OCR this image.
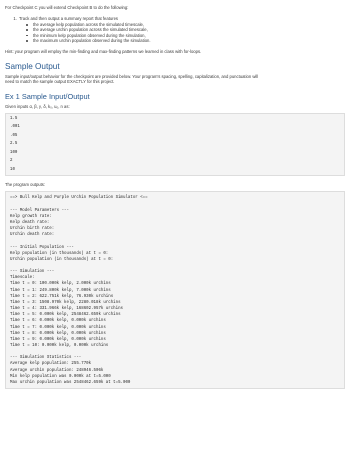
For Checkpoint C you will extend Checkpoint B to do the following:

1. Track and then output a summary report that features
the average kelp population across the simulated timescale,
the average urchin population across the simulated timescale,
the minimum kelp population observed during the simulation,
the maximum urchin population observed during the simulation.

Hint: your program will employ the min-finding and max-finding patterns we learned in class with for-loops.

Sample Output

Sample input/output behavior for the checkpoint are provided below. Your program's spacing, spelling, capitalization, and punctuation will

need to match the sample output EXACTLY for this project.

Ex 1 Sample Input/Output

Given inputs α, β, γ, δ, k₀, u₀, n as:

1.5
.001
.05
2.5
100
2
10

The program outputs:

==> Bull Kelp and Purple Urchin Population Simulator <==
--- Model Parameters ---
Kelp growth rate:
Kelp death rate:
Urchin birth rate:
Urchin death rate:
--- Initial Population ---
Kelp population (in thousands) at t = 0:
Urchin population (in thousands) at t = 0:
--- Simulation ---
Timescale:
Time t = 0: 100.000k kelp, 2.000k urchins
Time t = 1: 249.800k kelp, 7.000k urchins
Time t = 2: 622.751k kelp, 76.930k urchins
Time t = 3: 1508.970k kelp, 2280.018k urchins
Time t = 4: 331.966k kelp, 168602.957k urchins
Time t = 5: 0.000k kelp, 2548462.659k urchins
Time t = 6: 0.000k kelp, 0.000k urchins
Time t = 7: 0.000k kelp, 0.000k urchins
Time t = 8: 0.000k kelp, 0.000k urchins
Time t = 9: 0.000k kelp, 0.000k urchins
Time t = 10: 0.000k kelp, 0.000k urchins
--- Simulation Statistics ---
Average kelp population: 255.770k
Average urchin population: 248946.506k
Min kelp population was 0.000k at t=5.000
Max urchin population was 2548462.659k at t=5.000
